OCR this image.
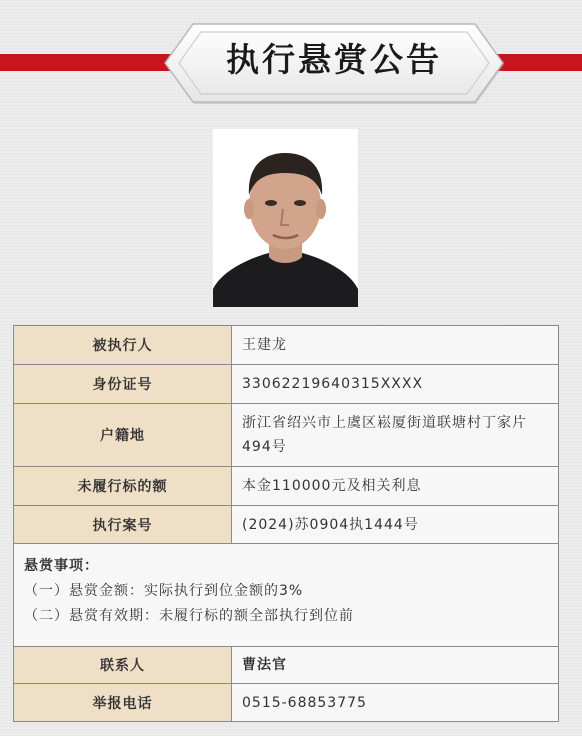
执行悬赏公告
被执行人	王建龙
身份证号	33062219640315XXXX
户籍地	浙江省绍兴市上虞区崧厦街道联塘村丁家片494号
未履行标的额	本金110000元及相关利息
执行案号	(2024)苏0904执1444号

悬赏事项：
（一）悬赏金额：实际执行到位金额的3%
（二）悬赏有效期：未履行标的额全部执行到位前	

联系人	曹法官
举报电话	0515-68853775
